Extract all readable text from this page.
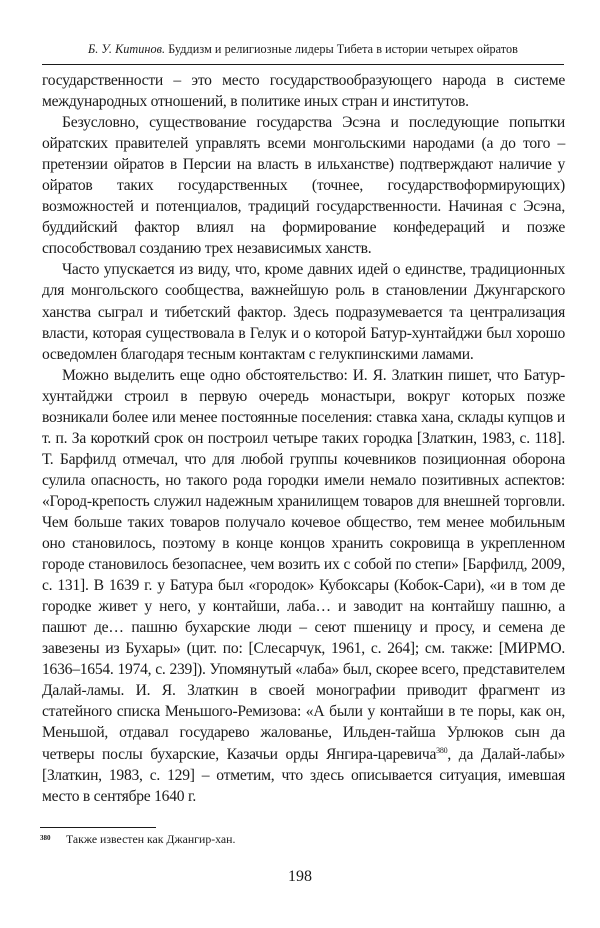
Б. У. Китинов. Буддизм и религиозные лидеры Тибета в истории четырех ойратов

государственности – это место государствообразующего народа в системе международных отношений, в политике иных стран и институтов.

Безусловно, существование государства Эсэна и последующие попытки ойратских правителей управлять всеми монгольскими народами (а до того – претензии ойратов в Персии на власть в ильханстве) подтверждают наличие у ойратов таких государственных (точнее, государствоформирующих) возможностей и потенциалов, традиций государственности. Начиная с Эсэна, буддийский фактор влиял на формирование конфедераций и позже способствовал созданию трех независимых ханств.

Часто упускается из виду, что, кроме давних идей о единстве, традиционных для монгольского сообщества, важнейшую роль в становлении Джунгарского ханства сыграл и тибетский фактор. Здесь подразумевается та централизация власти, которая существовала в Гелук и о которой Батур-хунтайджи был хорошо осведомлен благодаря тесным контактам с гелукпинскими ламами.

Можно выделить еще одно обстоятельство: И. Я. Златкин пишет, что Батур-хунтайджи строил в первую очередь монастыри, вокруг которых позже возникали более или менее постоянные поселения: ставка хана, склады купцов и т. п. За короткий срок он построил четыре таких городка [Златкин, 1983, с. 118]. Т. Барфилд отмечал, что для любой группы кочевников позиционная оборона сулила опасность, но такого рода городки имели немало позитивных аспектов: «Город-крепость служил надежным хранилищем товаров для внешней торговли. Чем больше таких товаров получало кочевое общество, тем менее мобильным оно становилось, поэтому в конце концов хранить сокровища в укрепленном городе становилось безопаснее, чем возить их с собой по степи» [Барфилд, 2009, с. 131]. В 1639 г. у Батура был «городок» Кубоксары (Кобок-Сари), «и в том де городке живет у него, у контайши, лаба… и заводит на контайшу пашню, а пашют де… пашню бухарские люди – сеют пшеницу и просу, и семена де завезены из Бухары» (цит. по: [Слесарчук, 1961, с. 264]; см. также: [МИРМО. 1636–1654. 1974, с. 239]). Упомянутый «лаба» был, скорее всего, представителем Далай-ламы. И. Я. Златкин в своей монографии приводит фрагмент из статейного списка Меньшого-Ремизова: «А были у контайши в те поры, как он, Меньшой, отдавал государево жалованье, Ильден-тайша Урлюков сын да четверы послы бухарские, Казачьи орды Янгира-царевича$^{380}$, да Далай-лабы» [Златкин, 1983, с. 129] – отметим, что здесь описывается ситуация, имевшая место в сентябре 1640 г.

380 Также известен как Джангир-хан.
198
